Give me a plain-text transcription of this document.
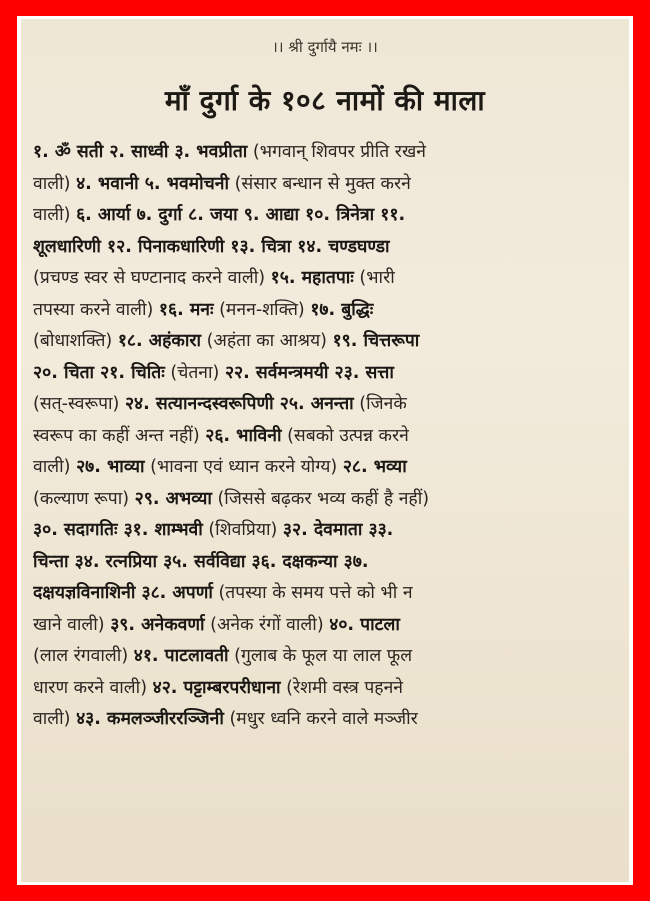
।। श्री दुर्गायै नमः ।।
माँ दुर्गा के १०८ नामों की माला
१. ॐ सती २. साध्वी ३. भवप्रीता (भगवान् शिवपर प्रीति रखने
वाली) ४. भवानी ५. भवमोचनी (संसार बन्धान से मुक्त करने
वाली) ६. आर्या ७. दुर्गा ८. जया ९. आद्या १०. त्रिनेत्रा ११.
शूलधारिणी १२. पिनाकधारिणी १३. चित्रा १४. चण्डघण्डा
(प्रचण्ड स्वर से घण्टानाद करने वाली) १५. महातपाः (भारी
तपस्या करने वाली) १६. मनः (मनन-शक्ति) १७. बुद्धिः
(बोधाशक्ति) १८. अहंकारा (अहंता का आश्रय) १९. चित्तरूपा
२०. चिता २१. चितिः (चेतना) २२. सर्वमन्त्रमयी २३. सत्ता
(सत्-स्वरूपा) २४. सत्यानन्दस्वरूपिणी २५. अनन्ता (जिनके
स्वरूप का कहीं अन्त नहीं) २६. भाविनी (सबको उत्पन्न करने
वाली) २७. भाव्या (भावना एवं ध्यान करने योग्य) २८. भव्या
(कल्याण रूपा) २९. अभव्या (जिससे बढ़कर भव्य कहीं है नहीं)
३०. सदागतिः ३१. शाम्भवी (शिवप्रिया) ३२. देवमाता ३३.
चिन्ता ३४. रत्नप्रिया ३५. सर्वविद्या ३६. दक्षकन्या ३७.
दक्षयज्ञविनाशिनी ३८. अपर्णा (तपस्या के समय पत्ते को भी न
खाने वाली) ३९. अनेकवर्णा (अनेक रंगों वाली) ४०. पाटला
(लाल रंगवाली) ४१. पाटलावती (गुलाब के फूल या लाल फूल
धारण करने वाली) ४२. पट्टाम्बरपरीधाना (रेशमी वस्त्र पहनने
वाली) ४३. कमलञ्जीररञ्जिनी (मधुर ध्वनि करने वाले मञ्जीर
